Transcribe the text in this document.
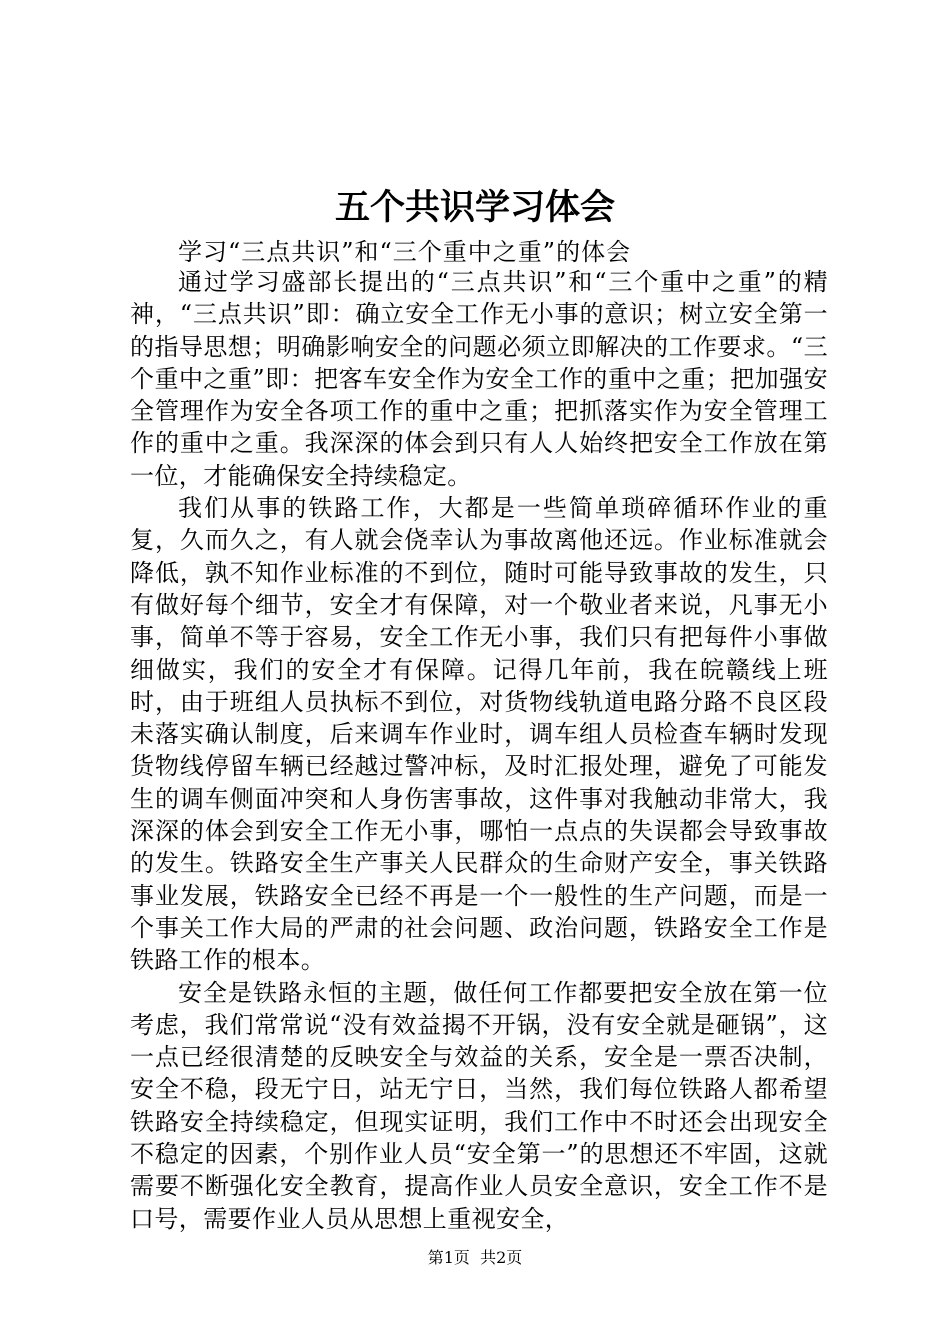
五个共识学习体会
学习“三点共识”和“三个重中之重”的体会

通过学习盛部长提出的“三点共识”和“三个重中之重”的精神，“三点共识”即：确立安全工作无小事的意识；树立安全第一的指导思想；明确影响安全的问题必须立即解决的工作要求。“三个重中之重”即：把客车安全作为安全工作的重中之重；把加强安全管理作为安全各项工作的重中之重；把抓落实作为安全管理工作的重中之重。我深深的体会到只有人人始终把安全工作放在第一位，才能确保安全持续稳定。

我们从事的铁路工作，大都是一些简单琐碎循环作业的重复，久而久之，有人就会侥幸认为事故离他还远。作业标准就会降低，孰不知作业标准的不到位，随时可能导致事故的发生，只有做好每个细节，安全才有保障，对一个敬业者来说，凡事无小事，简单不等于容易，安全工作无小事，我们只有把每件小事做细做实，我们的安全才有保障。记得几年前，我在皖赣线上班时，由于班组人员执标不到位，对货物线轨道电路分路不良区段未落实确认制度，后来调车作业时，调车组人员检查车辆时发现货物线停留车辆已经越过警冲标，及时汇报处理，避免了可能发生的调车侧面冲突和人身伤害事故，这件事对我触动非常大，我深深的体会到安全工作无小事，哪怕一点点的失误都会导致事故的发生。铁路安全生产事关人民群众的生命财产安全，事关铁路事业发展，铁路安全已经不再是一个一般性的生产问题，而是一个事关工作大局的严肃的社会问题、政治问题，铁路安全工作是铁路工作的根本。

安全是铁路永恒的主题，做任何工作都要把安全放在第一位考虑，我们常常说“没有效益揭不开锅，没有安全就是砸锅”，这一点已经很清楚的反映安全与效益的关系，安全是一票否决制，安全不稳，段无宁日，站无宁日，当然，我们每位铁路人都希望铁路安全持续稳定，但现实证明，我们工作中不时还会出现安全不稳定的因素，个别作业人员“安全第一”的思想还不牢固，这就需要不断强化安全教育，提高作业人员安全意识，安全工作不是口号，需要作业人员从思想上重视安全，

第1页  共2页
